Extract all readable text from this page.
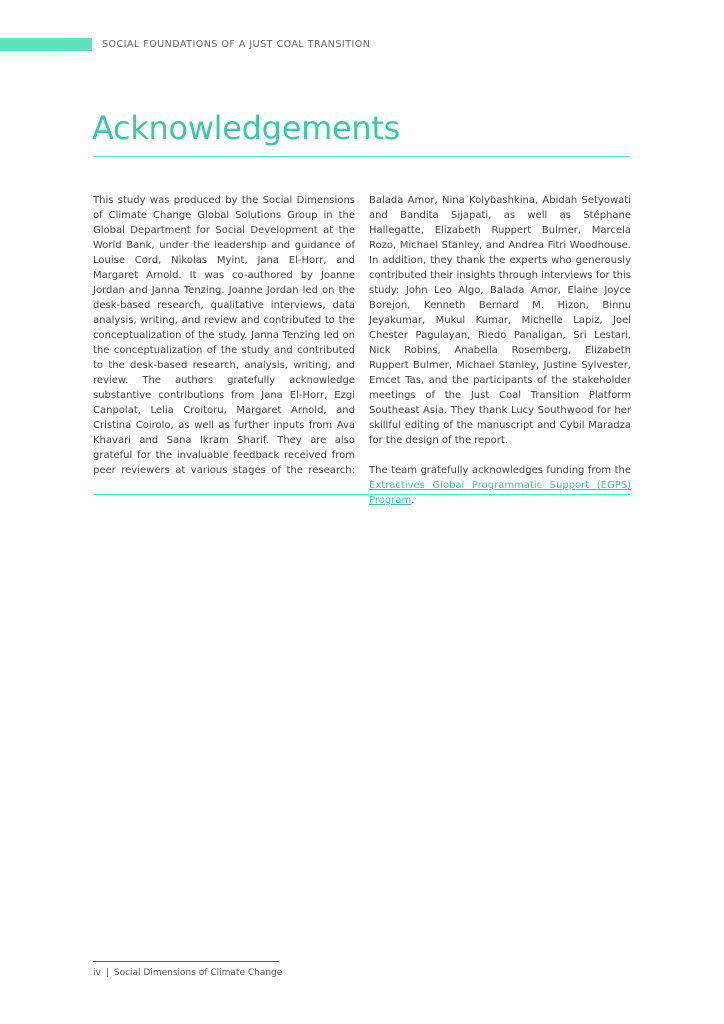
SOCIAL FOUNDATIONS OF A JUST COAL TRANSITION
Acknowledgements

This study was produced by the Social Dimensions of Climate Change Global Solutions Group in the Global Department for Social Development at the World Bank, under the leadership and guidance of Louise Cord, Nikolas Myint, Jana El-Horr, and Margaret Arnold. It was co-authored by Joanne Jordan and Janna Tenzing. Joanne Jordan led on the desk-based research, qualitative interviews, data analysis, writing, and review and contributed to the conceptualization of the study. Janna Tenzing led on the conceptualization of the study and contributed to the desk-based research, analysis, writing, and review. The authors gratefully acknowledge substantive contributions from Jana El-Horr, Ezgi Canpolat, Lelia Croitoru, Margaret Arnold, and Cristina Coirolo, as well as further inputs from Ava Khavari and Sana Ikram Sharif. They are also grateful for the invaluable feedback received from peer reviewers at various stages of the research:

Balada Amor, Nina Kolybashkina, Abidah Setyowati and Bandita Sijapati, as well as Stéphane Hallegatte, Elizabeth Ruppert Bulmer, Marcela Rozo, Michael Stanley, and Andrea Fitri Woodhouse. In addition, they thank the experts who generously contributed their insights through interviews for this study: John Leo Algo, Balada Amor, Elaine Joyce Borejon, Kenneth Bernard M. Hizon, Binnu Jeyakumar, Mukul Kumar, Michelle Lapiz, Joel Chester Pagulayan, Riedo Panaligan, Sri Lestari, Nick Robins, Anabella Rosemberg, Elizabeth Ruppert Bulmer, Michael Stanley, Justine Sylvester, Emcet Tas, and the participants of the stakeholder meetings of the Just Coal Transition Platform Southeast Asia. They thank Lucy Southwood for her skillful editing of the manuscript and Cybil Maradza for the design of the report.

The team gratefully acknowledges funding from the Extractives Global Programmatic Support (EGPS) Program.

iv | Social Dimensions of Climate Change
